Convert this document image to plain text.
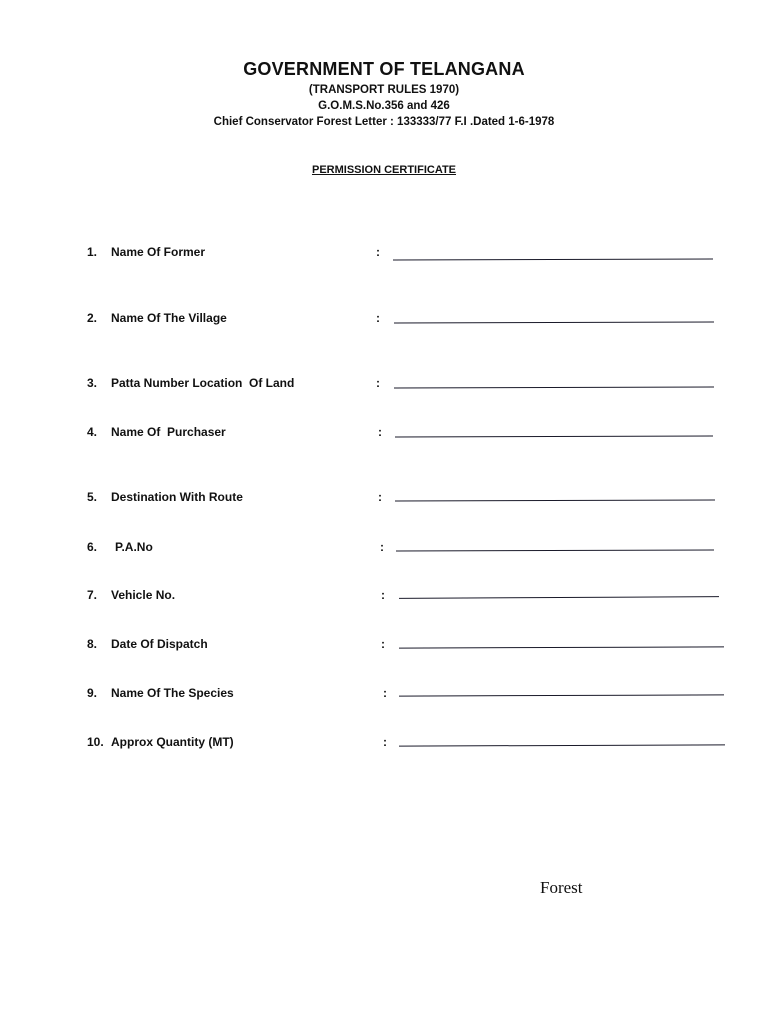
GOVERNMENT OF TELANGANA
(TRANSPORT RULES 1970)
G.O.M.S.No.356 and 426
Chief Conservator Forest Letter : 133333/77 F.I .Dated 1-6-1978
PERMISSION CERTIFICATE
1. Name Of Former	:
2. Name Of The Village	:
3. Patta Number Location  Of Land	:
4. Name Of  Purchaser	:
5. Destination With Route	:
6. P.A.No	:
7. Vehicle No.	:
8. Date Of Dispatch	:
9. Name Of The Species	:
10. Approx Quantity (MT)	:
Forest
